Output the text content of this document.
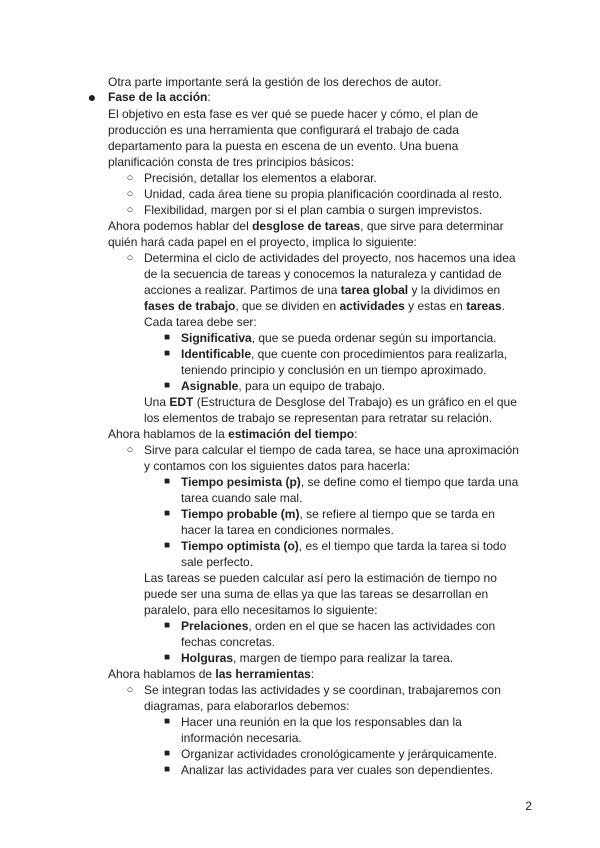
Otra parte importante será la gestión de los derechos de autor.
● Fase de la acción:
El objetivo en esta fase es ver qué se puede hacer y cómo, el plan de
producción es una herramienta que configurará el trabajo de cada
departamento para la puesta en escena de un evento. Una buena
planificación consta de tres principios básicos:
○ Precisión, detallar los elementos a elaborar.
○ Unidad, cada área tiene su propia planificación coordinada al resto.
○ Flexibilidad, margen por si el plan cambia o surgen imprevistos.
Ahora podemos hablar del desglose de tareas, que sirve para determinar
quién hará cada papel en el proyecto, implica lo siguiente:
○ Determina el ciclo de actividades del proyecto, nos hacemos una idea
de la secuencia de tareas y conocemos la naturaleza y cantidad de
acciones a realizar. Partimos de una tarea global y la dividimos en
fases de trabajo, que se dividen en actividades y estas en tareas.
Cada tarea debe ser:
■ Significativa, que se pueda ordenar según su importancia.
■ Identificable, que cuente con procedimientos para realizarla,
teniendo principio y conclusión en un tiempo aproximado.
■ Asignable, para un equipo de trabajo.
Una EDT (Estructura de Desglose del Trabajo) es un gráfico en el que
los elementos de trabajo se representan para retratar su relación.
Ahora hablamos de la estimación del tiempo:
○ Sirve para calcular el tiempo de cada tarea, se hace una aproximación
y contamos con los siguientes datos para hacerla:
■ Tiempo pesimista (p), se define como el tiempo que tarda una
tarea cuando sale mal.
■ Tiempo probable (m), se refiere al tiempo que se tarda en
hacer la tarea en condiciones normales.
■ Tiempo optimista (o), es el tiempo que tarda la tarea si todo
sale perfecto.
Las tareas se pueden calcular así pero la estimación de tiempo no
puede ser una suma de ellas ya que las tareas se desarrollan en
paralelo, para ello necesitamos lo siguiente:
■ Prelaciones, orden en el que se hacen las actividades con
fechas concretas.
■ Holguras, margen de tiempo para realizar la tarea.
Ahora hablamos de las herramientas:
○ Se integran todas las actividades y se coordinan, trabajaremos con
diagramas, para elaborarlos debemos:
■ Hacer una reunión en la que los responsables dan la
información necesaria.
■ Organizar actividades cronológicamente y jerárquicamente.
■ Analizar las actividades para ver cuales son dependientes.
2
